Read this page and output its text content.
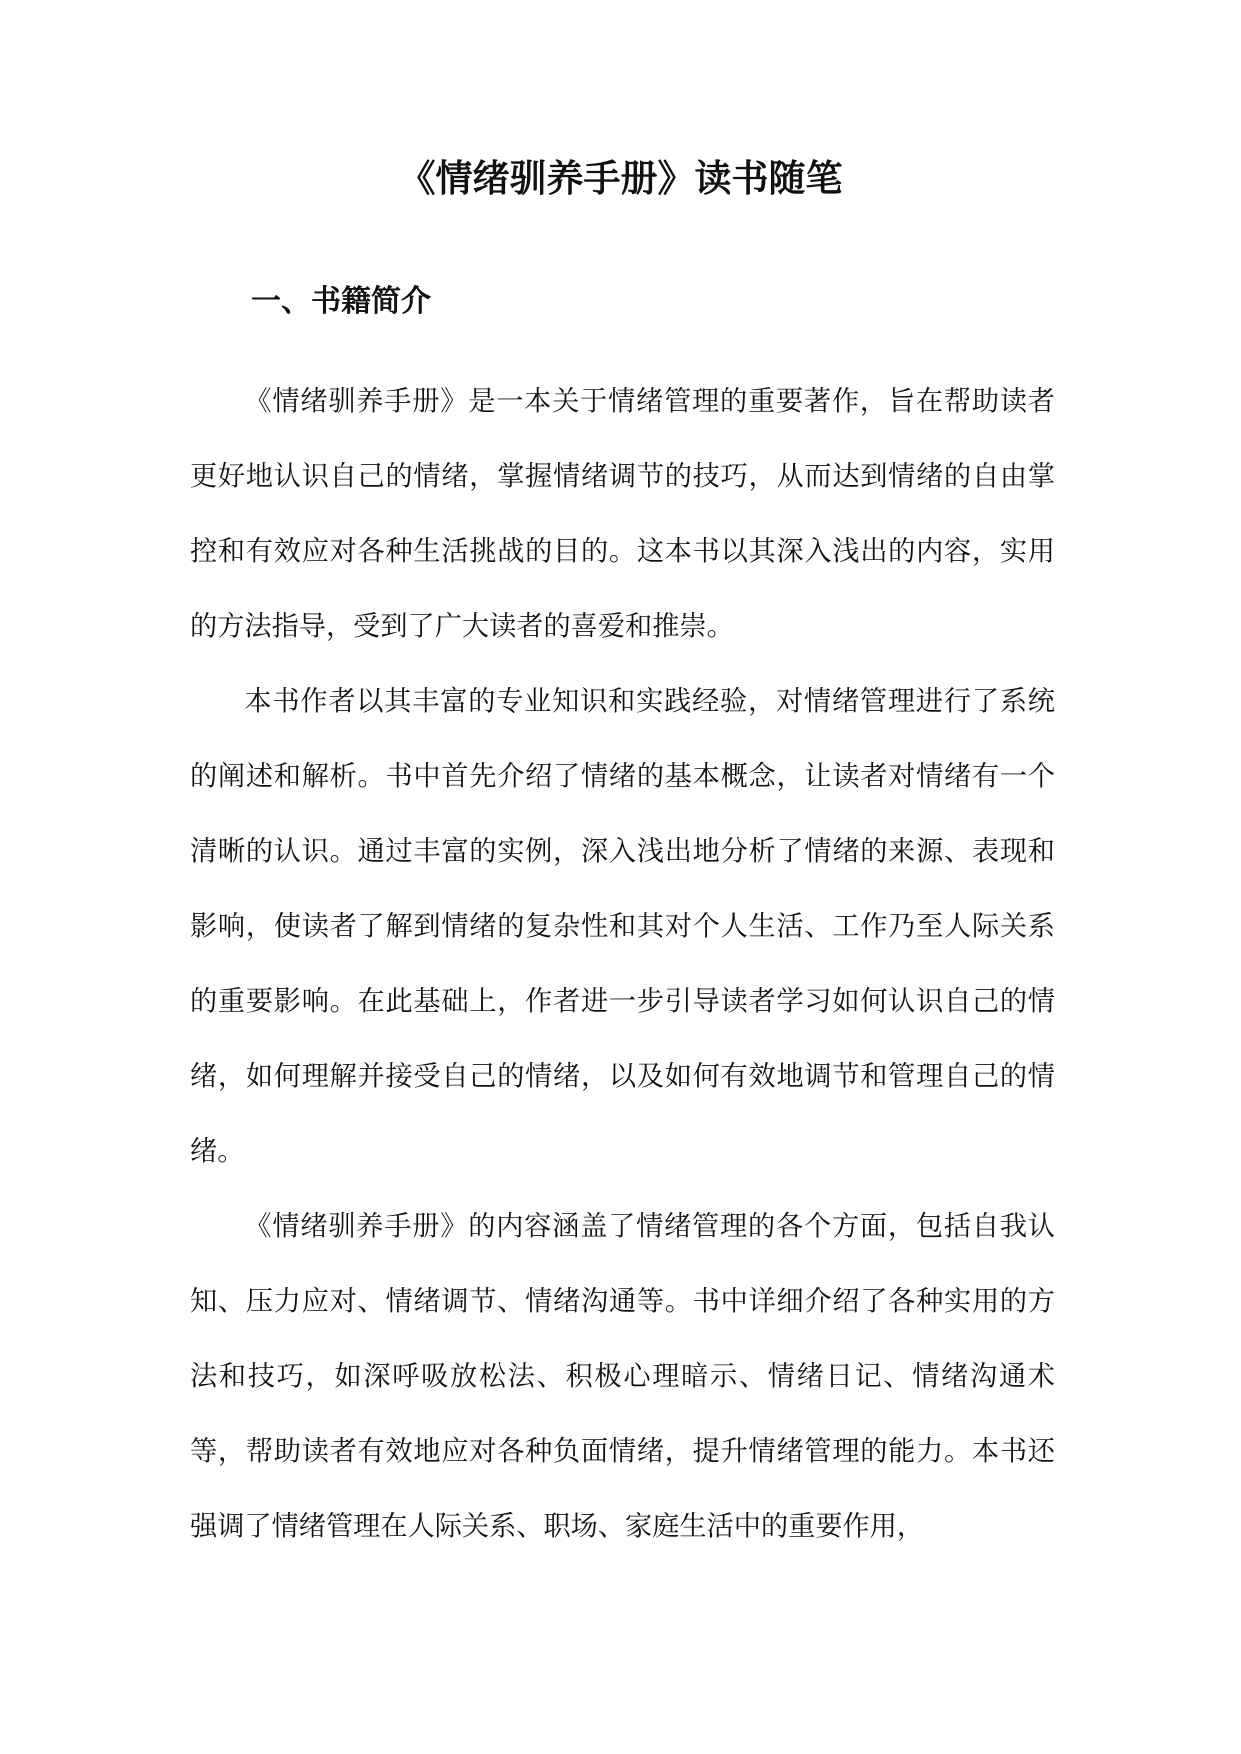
《情绪驯养手册》读书随笔
一、书籍简介

《情绪驯养手册》是一本关于情绪管理的重要著作，旨在帮助读者更好地认识自己的情绪，掌握情绪调节的技巧，从而达到情绪的自由掌控和有效应对各种生活挑战的目的。这本书以其深入浅出的内容，实用的方法指导，受到了广大读者的喜爱和推崇。

本书作者以其丰富的专业知识和实践经验，对情绪管理进行了系统的阐述和解析。书中首先介绍了情绪的基本概念，让读者对情绪有一个清晰的认识。通过丰富的实例，深入浅出地分析了情绪的来源、表现和影响，使读者了解到情绪的复杂性和其对个人生活、工作乃至人际关系的重要影响。在此基础上，作者进一步引导读者学习如何认识自己的情绪，如何理解并接受自己的情绪，以及如何有效地调节和管理自己的情绪。

《情绪驯养手册》的内容涵盖了情绪管理的各个方面，包括自我认知、压力应对、情绪调节、情绪沟通等。书中详细介绍了各种实用的方法和技巧，如深呼吸放松法、积极心理暗示、情绪日记、情绪沟通术等，帮助读者有效地应对各种负面情绪，提升情绪管理的能力。本书还强调了情绪管理在人际关系、职场、家庭生活中的重要作用，
